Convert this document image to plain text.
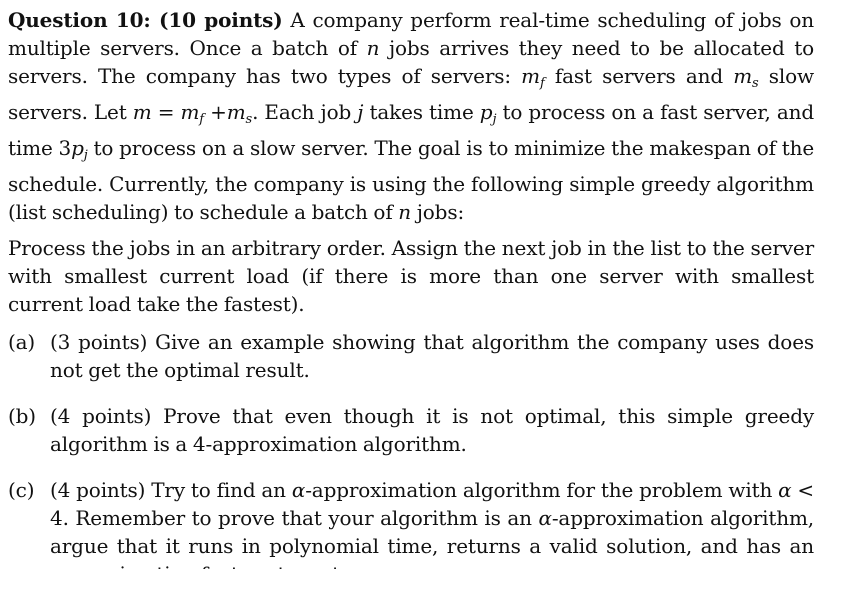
Question 10: (10 points) A company perform real-time scheduling of jobs on multiple servers. Once a batch of n jobs arrives they need to be allocated to servers. The company has two types of servers: $m_f$ fast servers and $m_s$ slow servers. Let $m = m_f +m_s$. Each job j takes time $p_j$ to process on a fast server, and time $3p_j$ to process on a slow server. The goal is to minimize the makespan of the schedule. Currently, the company is using the following simple greedy algorithm (list scheduling) to schedule a batch of n jobs:

Process the jobs in an arbitrary order. Assign the next job in the list to the server with smallest current load (if there is more than one server with smallest current load take the fastest).

(a) (3 points) Give an example showing that algorithm the company uses does not get the optimal result.
(b) (4 points) Prove that even though it is not optimal, this simple greedy algorithm is a 4-approximation algorithm.
(c) (4 points) Try to find an α-approximation algorithm for the problem with α < 4. Remember to prove that your algorithm is an α-approximation algorithm, argue that it runs in polynomial time, returns a valid solution, and has an
